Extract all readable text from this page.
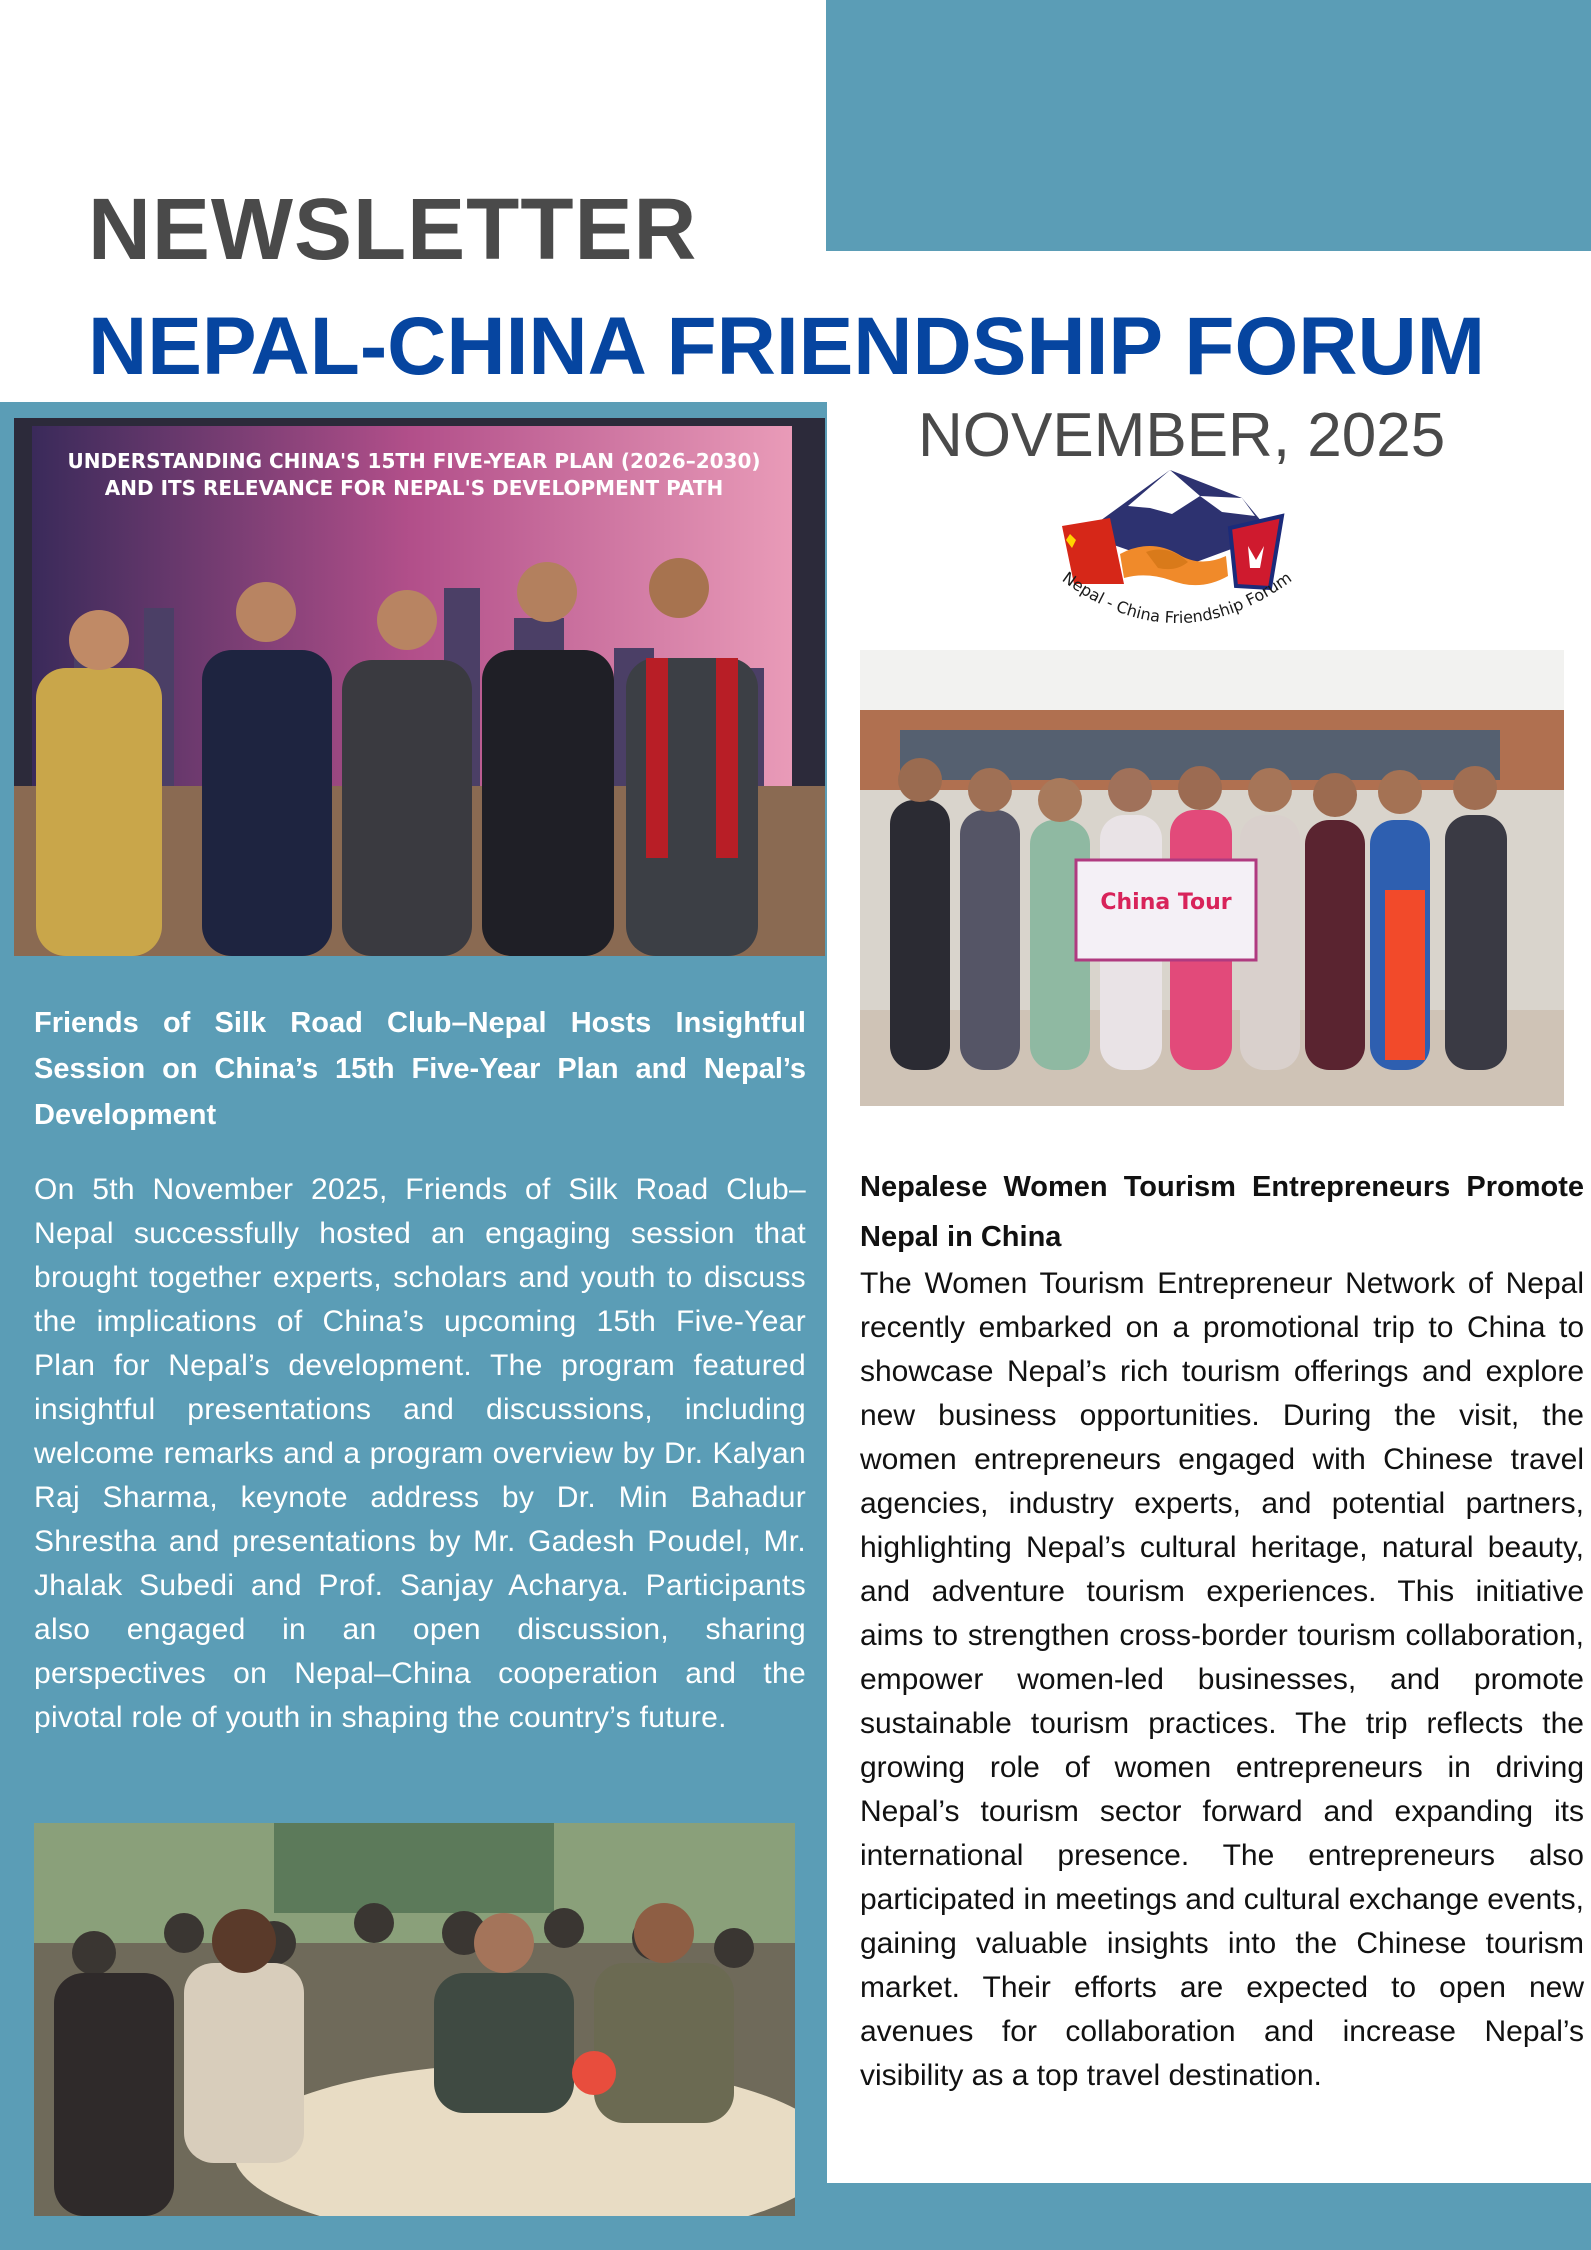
NEWSLETTER
NEPAL-CHINA FRIENDSHIP FORUM
NOVEMBER, 2025
Nepal - China Friendship Forum
UNDERSTANDING CHINA'S 15TH FIVE-YEAR PLAN (2026–2030) AND ITS RELEVANCE FOR NEPAL'S DEVELOPMENT PATH
Friends of Silk Road Club–Nepal Hosts Insightful Session on China’s 15th Five-Year Plan and Nepal’s Development

On 5th November 2025, Friends of Silk Road Club–Nepal successfully hosted an engaging session that brought together experts, scholars and youth to discuss the implications of China’s upcoming 15th Five-Year Plan for Nepal’s development. The program featured insightful presentations and discussions, including welcome remarks and a program overview by Dr. Kalyan Raj Sharma, keynote address by Dr. Min Bahadur Shrestha and presentations by Mr. Gadesh Poudel, Mr. Jhalak Subedi and Prof. Sanjay Acharya. Participants also engaged in an open discussion, sharing perspectives on Nepal–China cooperation and the pivotal role of youth in shaping the country’s future.

China Tour
Nepalese Women Tourism Entrepreneurs Promote Nepal in China

The Women Tourism Entrepreneur Network of Nepal recently embarked on a promotional trip to China to showcase Nepal’s rich tourism offerings and explore new business opportunities. During the visit, the women entrepreneurs engaged with Chinese travel agencies, industry experts, and potential partners, highlighting Nepal’s cultural heritage, natural beauty, and adventure tourism experiences. This initiative aims to strengthen cross-border tourism collaboration, empower women-led businesses, and promote sustainable tourism practices. The trip reflects the growing role of women entrepreneurs in driving Nepal’s tourism sector forward and expanding its international presence. The entrepreneurs also participated in meetings and cultural exchange events, gaining valuable insights into the Chinese tourism market. Their efforts are expected to open new avenues for collaboration and increase Nepal’s visibility as a top travel destination.
